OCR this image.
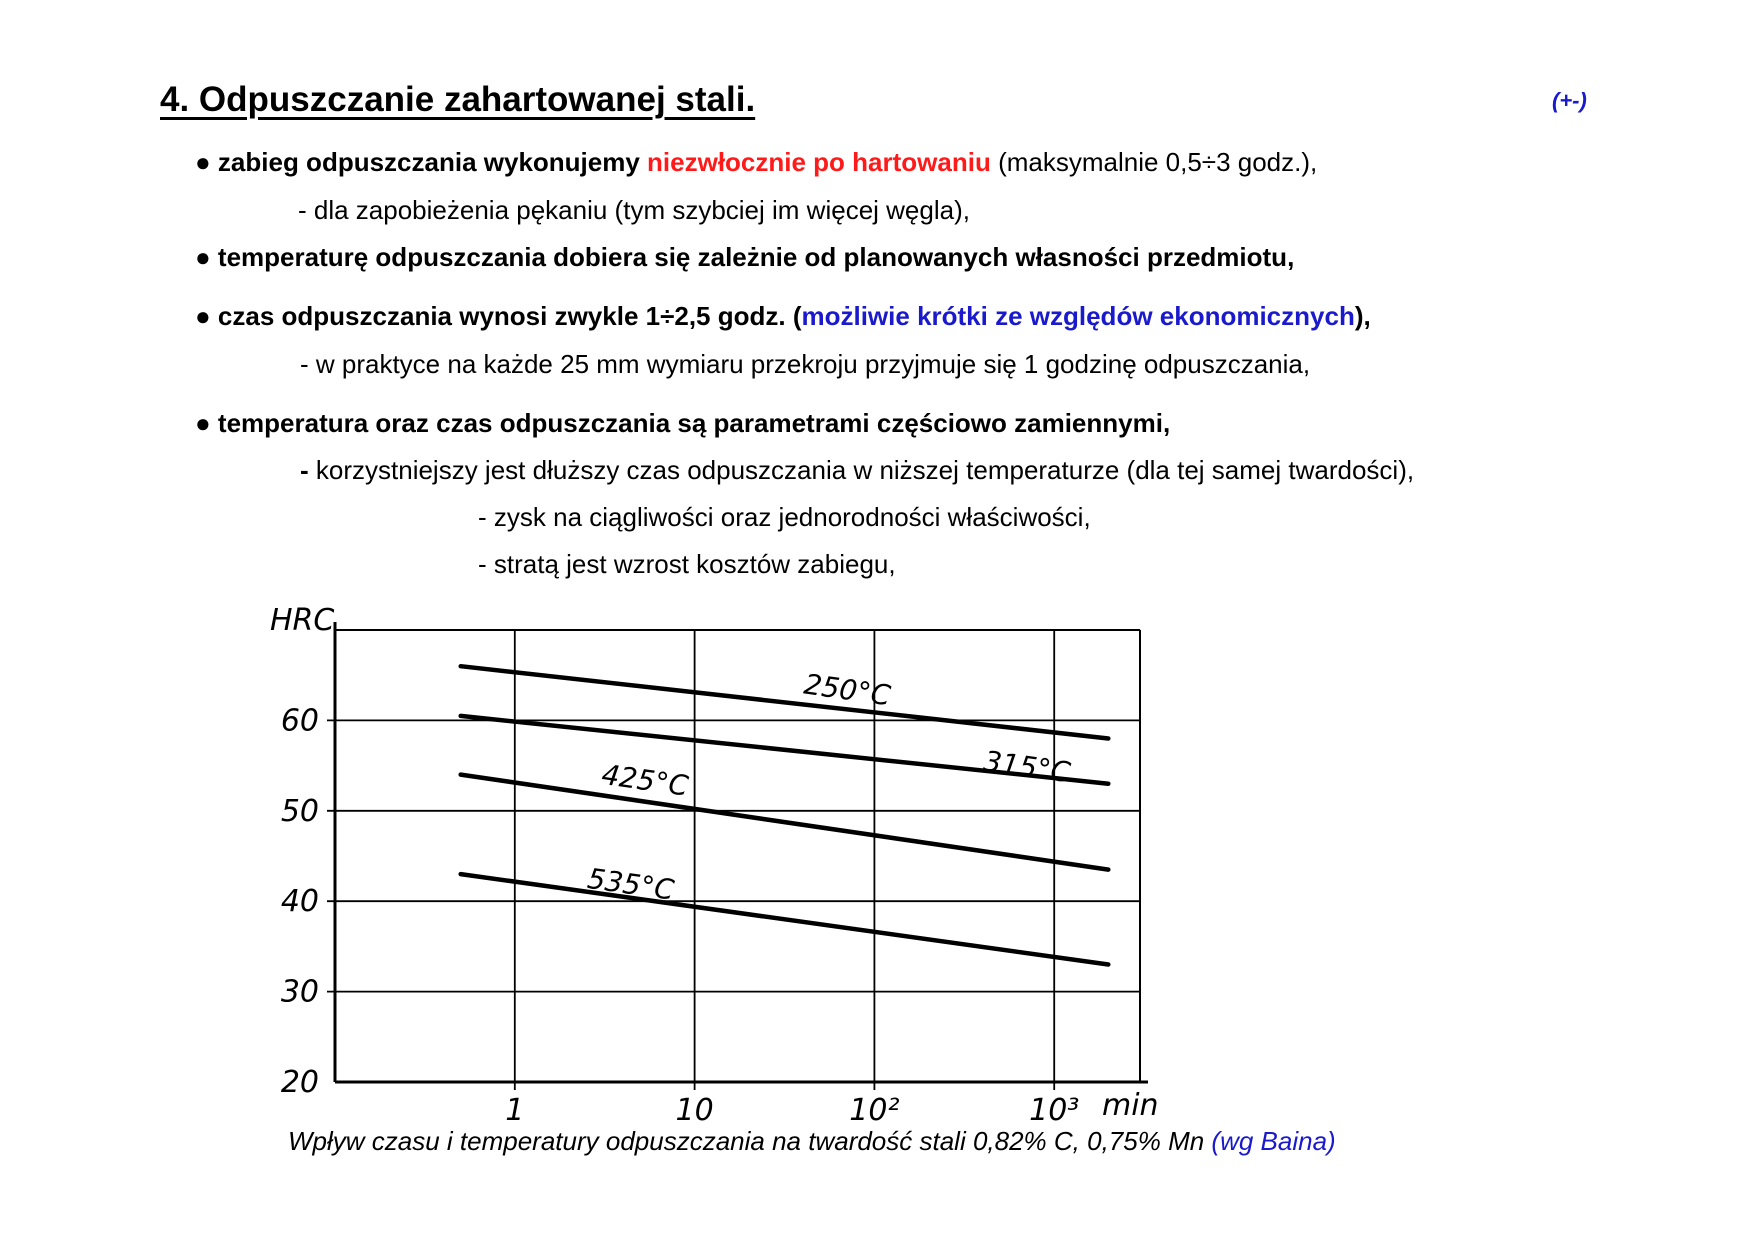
4. Odpuszczanie zahartowanej stali.	(+-)
● zabieg odpuszczania wykonujemy niezwłocznie po hartowaniu (maksymalnie 0,5÷3 godz.),
- dla zapobieżenia pękaniu (tym szybciej im więcej węgla),
● temperaturę odpuszczania dobiera się zależnie od planowanych własności przedmiotu,
● czas odpuszczania wynosi zwykle 1÷2,5 godz. (możliwie krótki ze względów ekonomicznych),
- w praktyce na każde 25 mm wymiaru przekroju przyjmuje się 1 godzinę odpuszczania,
● temperatura oraz czas odpuszczania są parametrami częściowo zamiennymi,
- korzystniejszy jest dłuższy czas odpuszczania w niższej temperaturze (dla tej samej twardości),
- zysk na ciągliwości oraz jednorodności właściwości,
- stratą jest wzrost kosztów zabiegu,
20
30
40
50
60
1	10	10²	10³
250°C
315°C
425°C
535°C
HRC
min
Wpływ czasu i temperatury odpuszczania na twardość stali 0,82% C, 0,75% Mn (wg Baina)
